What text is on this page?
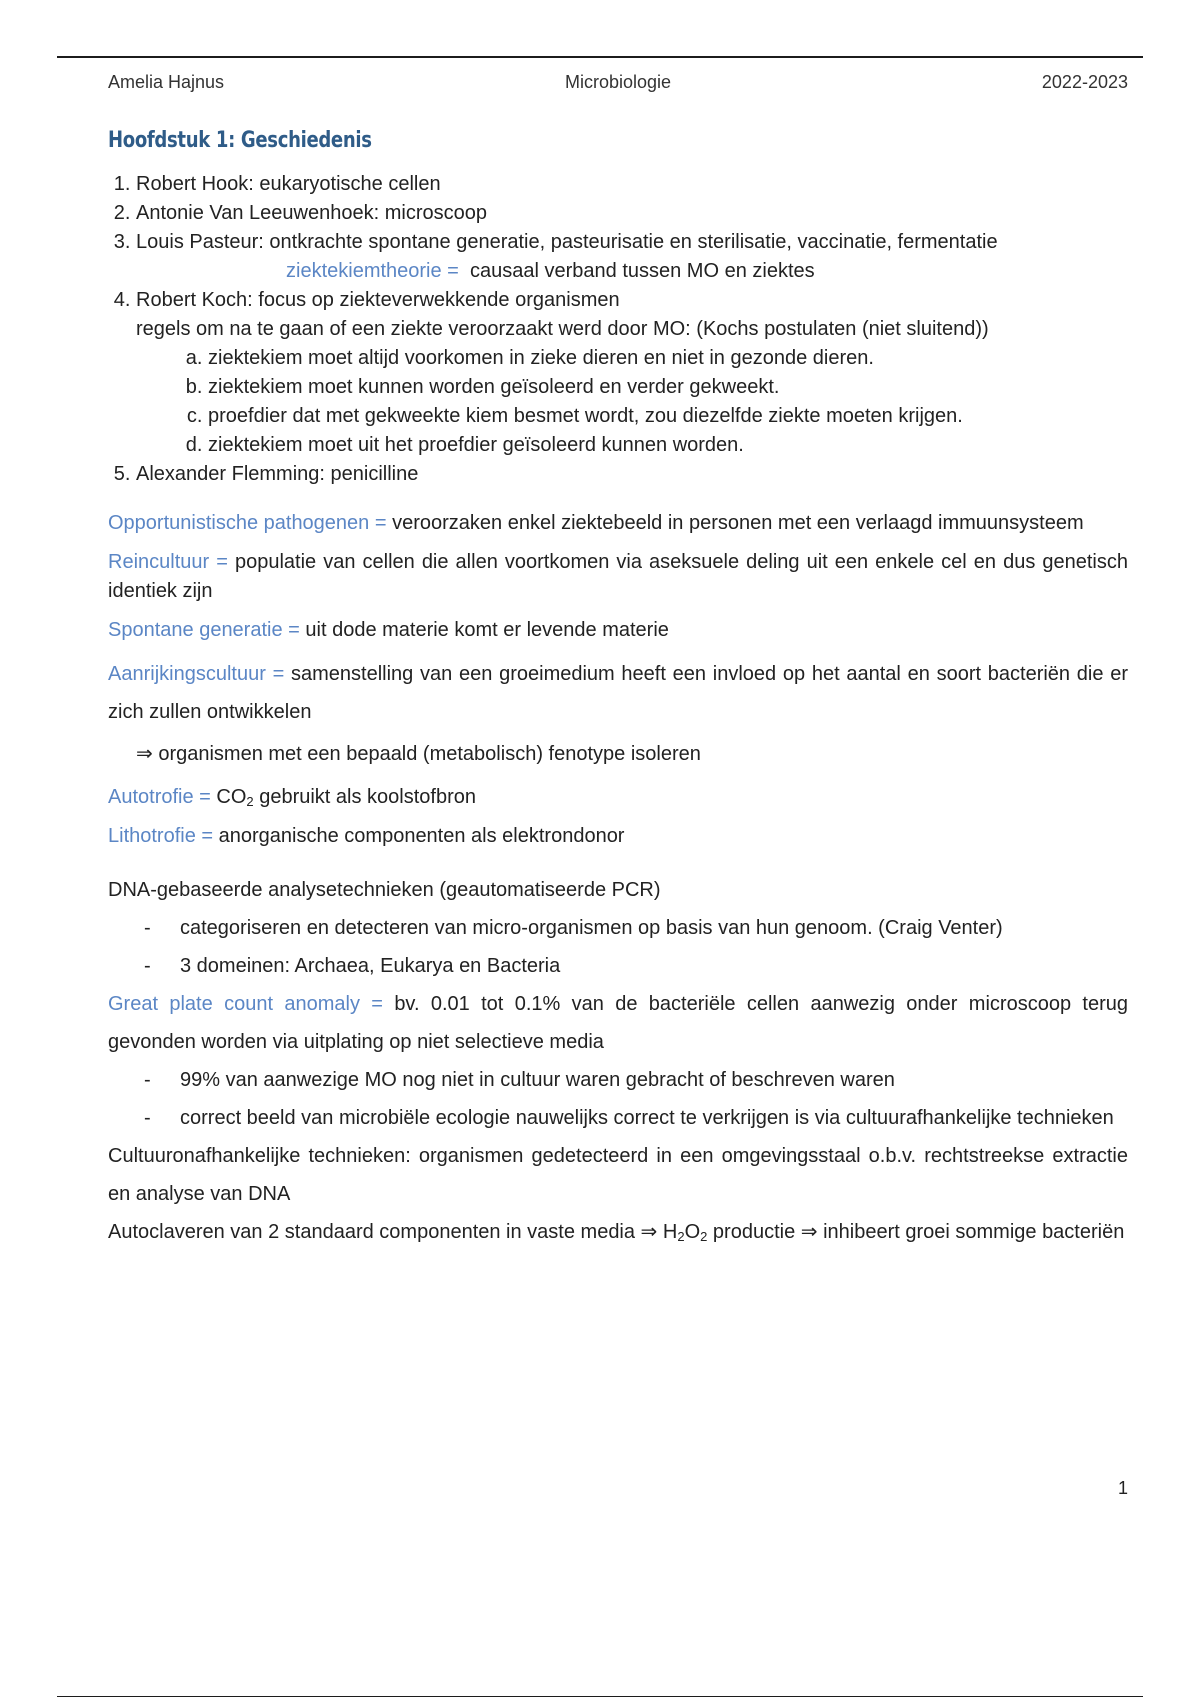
Amelia Hajnus	Microbiologie	2022-2023
Hoofdstuk 1: Geschiedenis
1. Robert Hook: eukaryotische cellen
2. Antonie Van Leeuwenhoek: microscoop
3. Louis Pasteur: ontkrachte spontane generatie, pasteurisatie en sterilisatie, vaccinatie, fermentatie
ziektekiemtheorie = causaal verband tussen MO en ziektes
4. Robert Koch: focus op ziekteverwekkende organismen
regels om na te gaan of een ziekte veroorzaakt werd door MO: (Kochs postulaten (niet sluitend))
a. ziektekiem moet altijd voorkomen in zieke dieren en niet in gezonde dieren.
b. ziektekiem moet kunnen worden geïsoleerd en verder gekweekt.
c. proefdier dat met gekweekte kiem besmet wordt, zou diezelfde ziekte moeten krijgen.
d. ziektekiem moet uit het proefdier geïsoleerd kunnen worden.
5. Alexander Flemming: penicilline

Opportunistische pathogenen = veroorzaken enkel ziektebeeld in personen met een verlaagd immuunsysteem

Reincultuur = populatie van cellen die allen voortkomen via aseksuele deling uit een enkele cel en dus genetisch identiek zijn

Spontane generatie = uit dode materie komt er levende materie

Aanrijkingscultuur = samenstelling van een groeimedium heeft een invloed op het aantal en soort bacteriën die er zich zullen ontwikkelen

⇒ organismen met een bepaald (metabolisch) fenotype isoleren

Autotrofie = $CO_2$ gebruikt als koolstofbron

Lithotrofie = anorganische componenten als elektrondonor

DNA-gebaseerde analysetechnieken (geautomatiseerde PCR)

- categoriseren en detecteren van micro-organismen op basis van hun genoom. (Craig Venter)
- 3 domeinen: Archaea, Eukarya en Bacteria

Great plate count anomaly = bv. 0.01 tot 0.1% van de bacteriële cellen aanwezig onder microscoop terug gevonden worden via uitplating op niet selectieve media

- 99% van aanwezige MO nog niet in cultuur waren gebracht of beschreven waren
- correct beeld van microbiële ecologie nauwelijks correct te verkrijgen is via cultuurafhankelijke technieken

Cultuuronafhankelijke technieken: organismen gedetecteerd in een omgevingsstaal o.b.v. rechtstreekse extractie en analyse van DNA

Autoclaveren van 2 standaard componenten in vaste media ⇒ $H_2O_2$ productie ⇒ inhibeert groei sommige bacteriën

1
